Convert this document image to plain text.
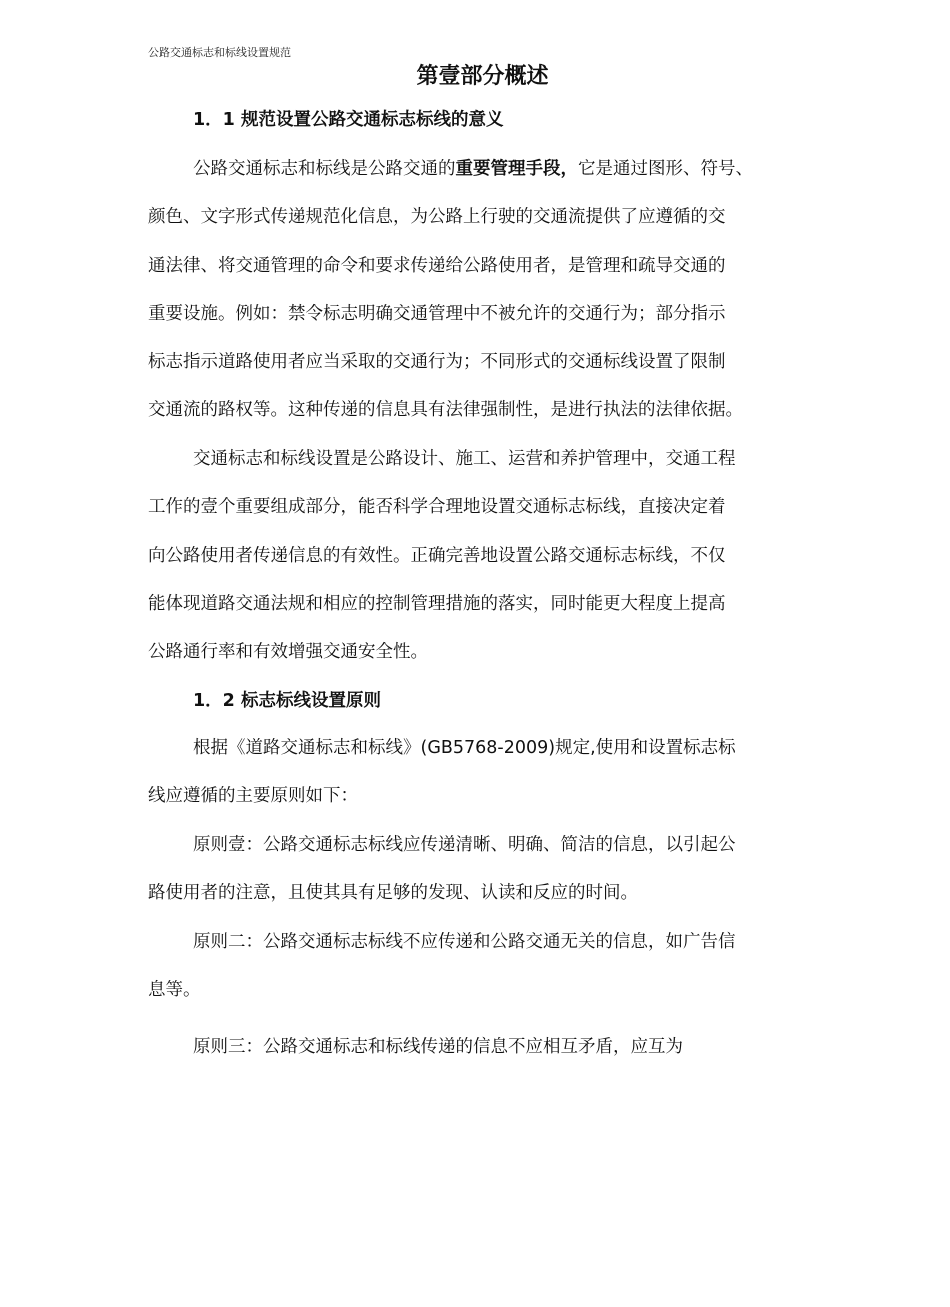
公路交通标志和标线设置规范
第壹部分概述
1．1 规范设置公路交通标志标线的意义
公路交通标志和标线是公路交通的重要管理手段，它是通过图形、符号、
颜色、文字形式传递规范化信息，为公路上行驶的交通流提供了应遵循的交
通法律、将交通管理的命令和要求传递给公路使用者，是管理和疏导交通的
重要设施。例如：禁令标志明确交通管理中不被允许的交通行为；部分指示
标志指示道路使用者应当采取的交通行为；不同形式的交通标线设置了限制
交通流的路权等。这种传递的信息具有法律强制性，是进行执法的法律依据。
交通标志和标线设置是公路设计、施工、运营和养护管理中，交通工程
工作的壹个重要组成部分，能否科学合理地设置交通标志标线，直接决定着
向公路使用者传递信息的有效性。正确完善地设置公路交通标志标线，不仅
能体现道路交通法规和相应的控制管理措施的落实，同时能更大程度上提高
公路通行率和有效增强交通安全性。
1．2 标志标线设置原则
根据《道路交通标志和标线》(GB5768-2009)规定,使用和设置标志标
线应遵循的主要原则如下：
原则壹：公路交通标志标线应传递清晰、明确、简洁的信息，以引起公
路使用者的注意，且使其具有足够的发现、认读和反应的时间。
原则二：公路交通标志标线不应传递和公路交通无关的信息，如广告信
息等。
原则三：公路交通标志和标线传递的信息不应相互矛盾，应互为
